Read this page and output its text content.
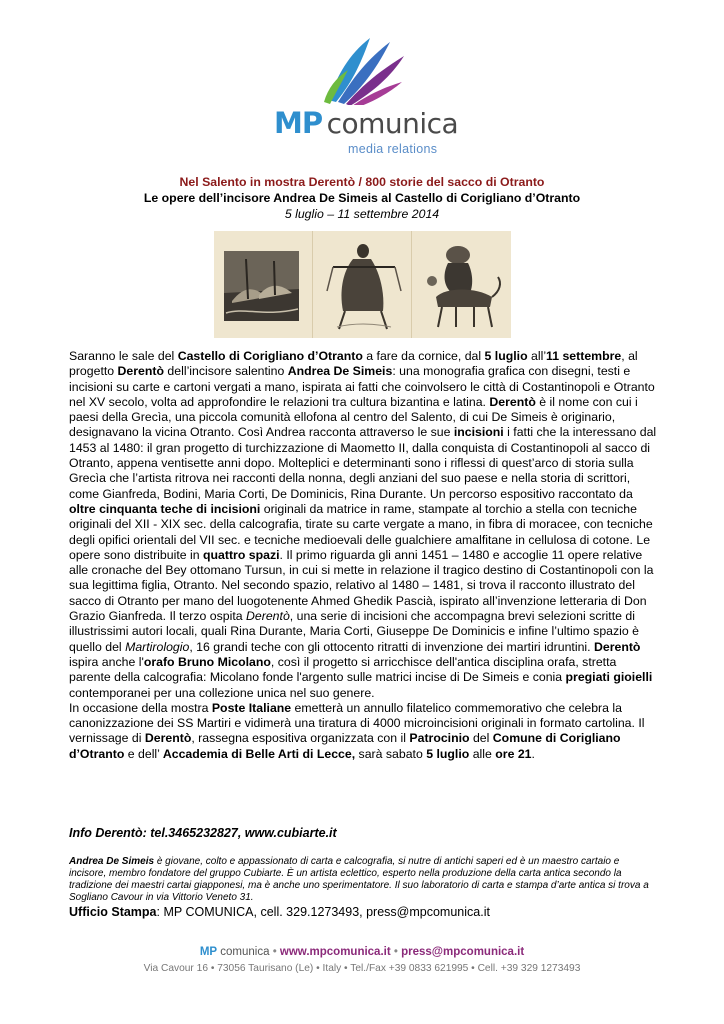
MP comunica
media relations
Nel Salento in mostra Derentò / 800 storie del sacco di Otranto
Le opere dell’incisore Andrea De Simeis al Castello di Corigliano d’Otranto
5 luglio – 11 settembre 2014

Saranno le sale del Castello di Corigliano d’Otranto a fare da cornice, dal 5 luglio all’11 settembre, al progetto Derentò dell’incisore salentino Andrea De Simeis: una monografia grafica con disegni, testi e incisioni su carte e cartoni vergati a mano, ispirata ai fatti che coinvolsero le città di Costantinopoli e Otranto nel XV secolo, volta ad approfondire le relazioni tra cultura bizantina e latina. Derentò è il nome con cui i paesi della Grecìa, una piccola comunità ellofona al centro del Salento, di cui De Simeis è originario, designavano la vicina Otranto. Così Andrea racconta attraverso le sue incisioni i fatti che la interessano dal 1453 al 1480: il gran progetto di turchizzazione di Maometto II, dalla conquista di Costantinopoli al sacco di Otranto, appena ventisette anni dopo. Molteplici e determinanti sono i riflessi di quest’arco di storia sulla Grecìa che l’artista ritrova nei racconti della nonna, degli anziani del suo paese e nella storia di scrittori, come Gianfreda, Bodini, Maria Corti, De Dominicis, Rina Durante. Un percorso espositivo raccontato da oltre cinquanta teche di incisioni originali da matrice in rame, stampate al torchio a stella con tecniche originali del XII - XIX sec. della calcografia, tirate su carte vergate a mano, in fibra di moracee, con tecniche degli opifici orientali del VII sec. e tecniche medioevali delle gualchiere amalfitane in cellulosa di cotone. Le opere sono distribuite in quattro spazi. Il primo riguarda gli anni 1451 – 1480 e accoglie 11 opere relative alle cronache del Bey ottomano Tursun, in cui si mette in relazione il tragico destino di Costantinopoli con la sua legittima figlia, Otranto. Nel secondo spazio, relativo al 1480 – 1481, si trova il racconto illustrato del sacco di Otranto per mano del luogotenente Ahmed Ghedik Pascià, ispirato all’invenzione letteraria di Don Grazio Gianfreda. Il terzo ospita Derentò, una serie di incisioni che accompagna brevi selezioni scritte di illustrissimi autori locali, quali Rina Durante, Maria Corti, Giuseppe De Dominicis e infine l’ultimo spazio è quello del Martirologio, 16 grandi teche con gli ottocento ritratti di invenzione dei martiri idruntini. Derentò ispira anche l'orafo Bruno Micolano, così il progetto si arricchisce dell'antica disciplina orafa, stretta parente della calcografia: Micolano fonde l'argento sulle matrici incise di De Simeis e conia pregiati gioielli contemporanei per una collezione unica nel suo genere.

In occasione della mostra Poste Italiane emetterà un annullo filatelico commemorativo che celebra la canonizzazione dei SS Martiri e vidimerà una tiratura di 4000 microincisioni originali in formato cartolina. Il vernissage di Derentò, rassegna espositiva organizzata con il Patrocinio del Comune di Corigliano d’Otranto e dell’ Accademia di Belle Arti di Lecce, sarà sabato 5 luglio alle ore 21.

Info Derentò: tel.3465232827, www.cubiarte.it
Andrea De Simeis è giovane, colto e appassionato di carta e calcografia, si nutre di antichi saperi ed è un maestro cartaio e incisore, membro fondatore del gruppo Cubiarte. È un artista eclettico, esperto nella produzione della carta antica secondo la tradizione dei maestri cartai giapponesi, ma è anche uno sperimentatore. Il suo laboratorio di carta e stampa d’arte antica si trova a Sogliano Cavour in via Vittorio Veneto 31.
Ufficio Stampa: MP COMUNICA, cell. 329.1273493, press@mpcomunica.it
MP comunica • www.mpcomunica.it • press@mpcomunica.it
Via Cavour 16 • 73056 Taurisano (Le) • Italy • Tel./Fax +39 0833 621995 • Cell. +39 329 1273493
